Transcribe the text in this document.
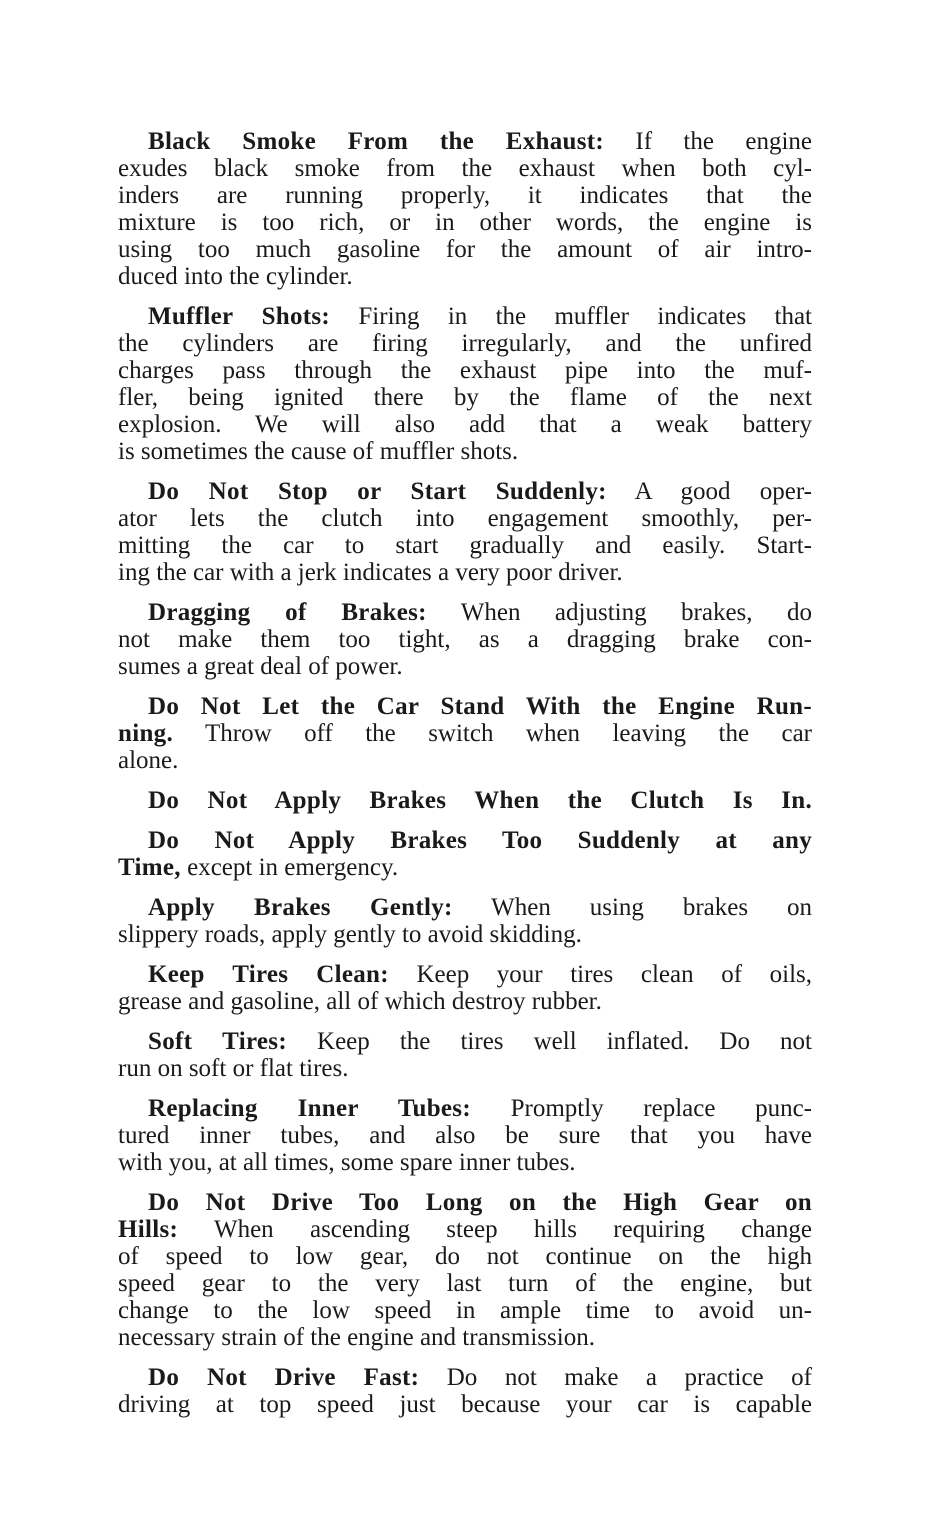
Black Smoke From the Exhaust: If the engine
exudes black smoke from the exhaust when both cyl-
inders are running properly, it indicates that the
mixture is too rich, or in other words, the engine is
using too much gasoline for the amount of air intro-
duced into the cylinder.
Muffler Shots: Firing in the muffler indicates that
the cylinders are firing irregularly, and the unfired
charges pass through the exhaust pipe into the muf-
fler, being ignited there by the flame of the next
explosion. We will also add that a weak battery
is sometimes the cause of muffler shots.
Do Not Stop or Start Suddenly: A good oper-
ator lets the clutch into engagement smoothly, per-
mitting the car to start gradually and easily. Start-
ing the car with a jerk indicates a very poor driver.
Dragging of Brakes: When adjusting brakes, do
not make them too tight, as a dragging brake con-
sumes a great deal of power.
Do Not Let the Car Stand With the Engine Run-
ning. Throw off the switch when leaving the car
alone.
Do Not Apply Brakes When the Clutch Is In.
Do Not Apply Brakes Too Suddenly at any
Time, except in emergency.
Apply Brakes Gently: When using brakes on
slippery roads, apply gently to avoid skidding.
Keep Tires Clean: Keep your tires clean of oils,
grease and gasoline, all of which destroy rubber.
Soft Tires: Keep the tires well inflated. Do not
run on soft or flat tires.
Replacing Inner Tubes: Promptly replace punc-
tured inner tubes, and also be sure that you have
with you, at all times, some spare inner tubes.
Do Not Drive Too Long on the High Gear on
Hills: When ascending steep hills requiring change
of speed to low gear, do not continue on the high
speed gear to the very last turn of the engine, but
change to the low speed in ample time to avoid un-
necessary strain of the engine and transmission.
Do Not Drive Fast: Do not make a practice of
driving at top speed just because your car is capable
